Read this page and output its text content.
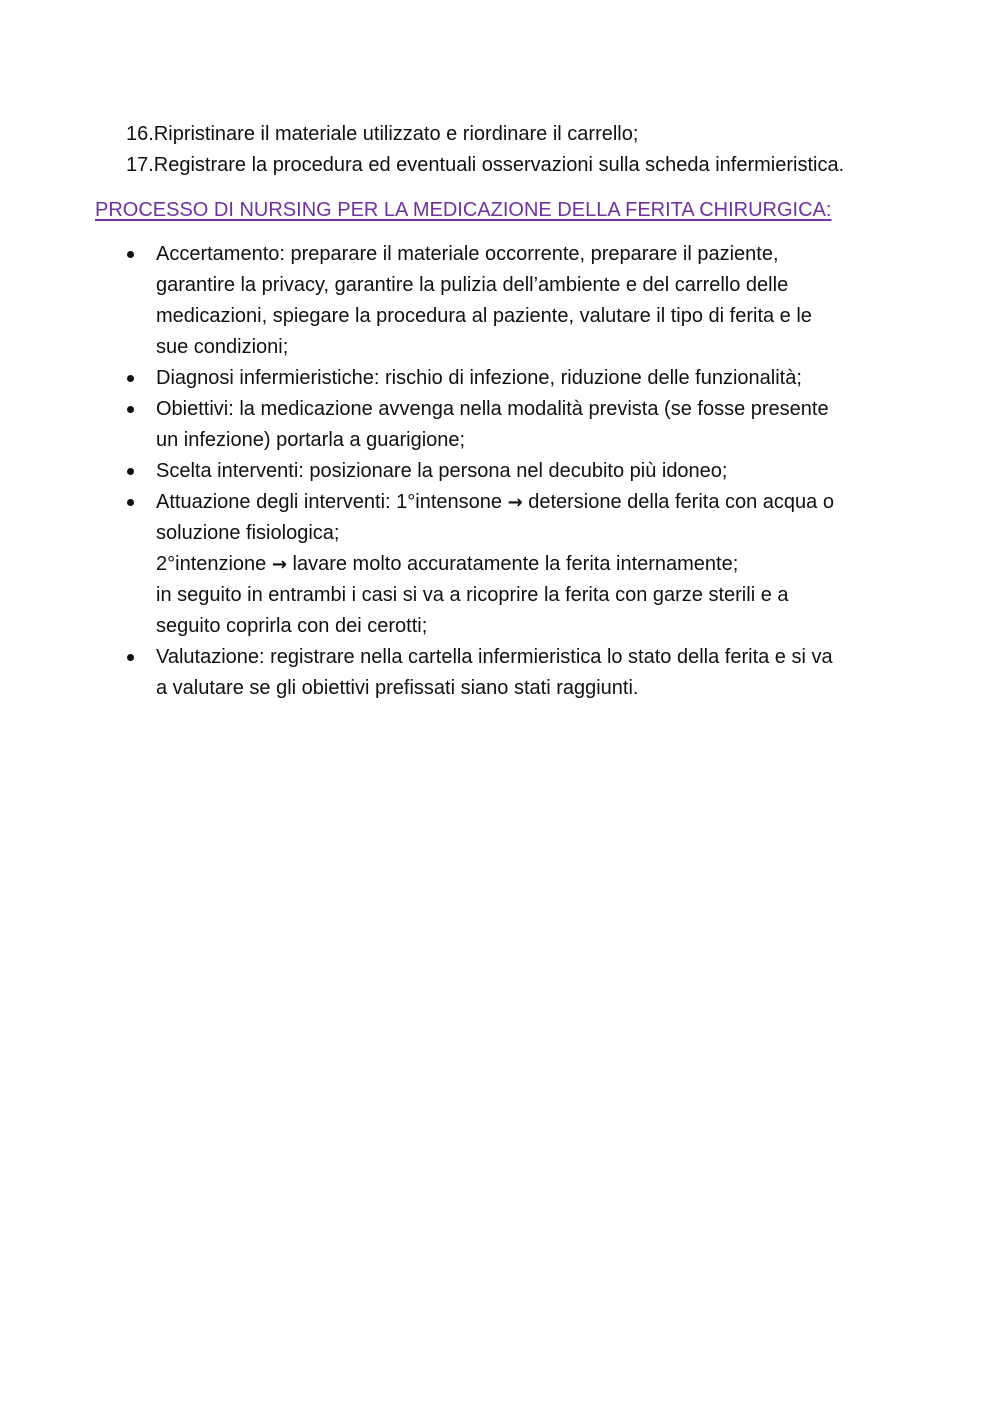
16.Ripristinare il materiale utilizzato e riordinare il carrello;
17.Registrare la procedura ed eventuali osservazioni sulla scheda infermieristica.
PROCESSO DI NURSING PER LA MEDICAZIONE DELLA FERITA CHIRURGICA:
Accertamento: preparare il materiale occorrente, preparare il paziente,
garantire la privacy, garantire la pulizia dell’ambiente e del carrello delle
medicazioni, spiegare la procedura al paziente, valutare il tipo di ferita e le
sue condizioni;
Diagnosi infermieristiche: rischio di infezione, riduzione delle funzionalità;
Obiettivi: la medicazione avvenga nella modalità prevista (se fosse presente
un infezione) portarla a guarigione;
Scelta interventi: posizionare la persona nel decubito più idoneo;
Attuazione degli interventi: 1°intensone → detersione della ferita con acqua o
soluzione fisiologica;
2°intenzione → lavare molto accuratamente la ferita internamente;
in seguito in entrambi i casi si va a ricoprire la ferita con garze sterili e a
seguito coprirla con dei cerotti;
Valutazione: registrare nella cartella infermieristica lo stato della ferita e si va
a valutare se gli obiettivi prefissati siano stati raggiunti.
